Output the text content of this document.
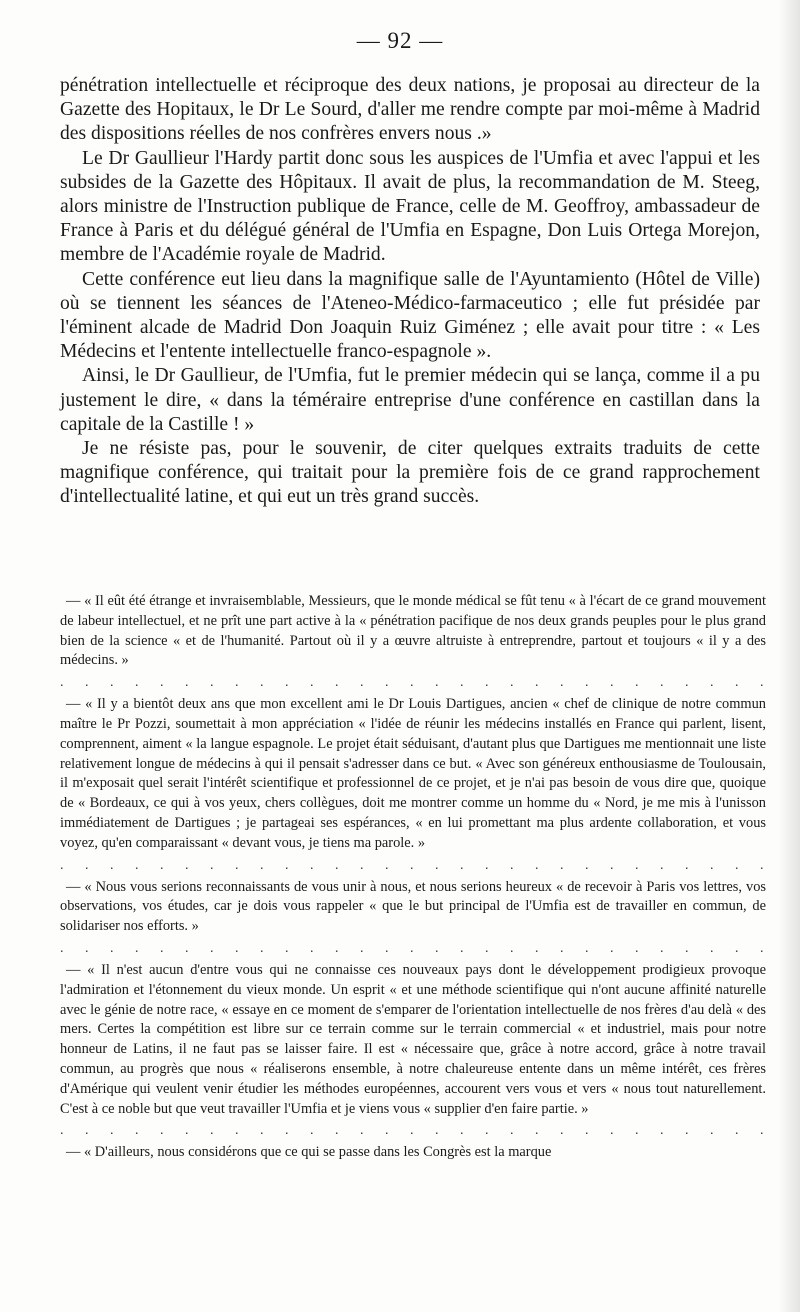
— 92 —

pénétration intellectuelle et réciproque des deux nations, je proposai au directeur de la Gazette des Hopitaux, le Dr Le Sourd, d'aller me rendre compte par moi-même à Madrid des dispositions réelles de nos confrères envers nous .»

Le Dr Gaullieur l'Hardy partit donc sous les auspices de l'Umfia et avec l'appui et les subsides de la Gazette des Hôpitaux. Il avait de plus, la recommandation de M. Steeg, alors ministre de l'Instruction publique de France, celle de M. Geoffroy, ambassadeur de France à Paris et du délégué général de l'Umfia en Espagne, Don Luis Ortega Morejon, membre de l'Académie royale de Madrid.

Cette conférence eut lieu dans la magnifique salle de l'Ayuntamiento (Hôtel de Ville) où se tiennent les séances de l'Ateneo-Médico-farmaceutico ; elle fut présidée par l'éminent alcade de Madrid Don Joaquin Ruiz Giménez ; elle avait pour titre : « Les Médecins et l'entente intellectuelle franco-espagnole ».

Ainsi, le Dr Gaullieur, de l'Umfia, fut le premier médecin qui se lança, comme il a pu justement le dire, « dans la téméraire entreprise d'une conférence en castillan dans la capitale de la Castille ! »

Je ne résiste pas, pour le souvenir, de citer quelques extraits traduits de cette magnifique conférence, qui traitait pour la première fois de ce grand rapprochement d'intellectualité latine, et qui eut un très grand succès.

— « Il eût été étrange et invraisemblable, Messieurs, que le monde médical se fût tenu « à l'écart de ce grand mouvement de labeur intellectuel, et ne prît une part active à la « pénétration pacifique de nos deux grands peuples pour le plus grand bien de la science « et de l'humanité. Partout où il y a œuvre altruiste à entreprendre, partout et toujours « il y a des médecins. »

. . .

— « Il y a bientôt deux ans que mon excellent ami le Dr Louis Dartigues, ancien « chef de clinique de notre commun maître le Pr Pozzi, soumettait à mon appréciation « l'idée de réunir les médecins installés en France qui parlent, lisent, comprennent, aiment « la langue espagnole. Le projet était séduisant, d'autant plus que Dartigues me mentionnait une liste relativement longue de médecins à qui il pensait s'adresser dans ce but. « Avec son généreux enthousiasme de Toulousain, il m'exposait quel serait l'intérêt scientifique et professionnel de ce projet, et je n'ai pas besoin de vous dire que, quoique de « Bordeaux, ce qui à vos yeux, chers collègues, doit me montrer comme un homme du « Nord, je me mis à l'unisson immédiatement de Dartigues ; je partageai ses espérances, « en lui promettant ma plus ardente collaboration, et vous voyez, qu'en comparaissant « devant vous, je tiens ma parole. »

. . .

— « Nous vous serions reconnaissants de vous unir à nous, et nous serions heureux « de recevoir à Paris vos lettres, vos observations, vos études, car je dois vous rappeler « que le but principal de l'Umfia est de travailler en commun, de solidariser nos efforts. »

. . .

— « Il n'est aucun d'entre vous qui ne connaisse ces nouveaux pays dont le développement prodigieux provoque l'admiration et l'étonnement du vieux monde. Un esprit « et une méthode scientifique qui n'ont aucune affinité naturelle avec le génie de notre race, « essaye en ce moment de s'emparer de l'orientation intellectuelle de nos frères d'au delà « des mers. Certes la compétition est libre sur ce terrain comme sur le terrain commercial « et industriel, mais pour notre honneur de Latins, il ne faut pas se laisser faire. Il est « nécessaire que, grâce à notre accord, grâce à notre travail commun, au progrès que nous « réaliserons ensemble, à notre chaleureuse entente dans un même intérêt, ces frères d'Amérique qui veulent venir étudier les méthodes européennes, accourent vers vous et vers « nous tout naturellement. C'est à ce noble but que veut travailler l'Umfia et je viens vous « supplier d'en faire partie. »

. . .

— « D'ailleurs, nous considérons que ce qui se passe dans les Congrès est la marque
